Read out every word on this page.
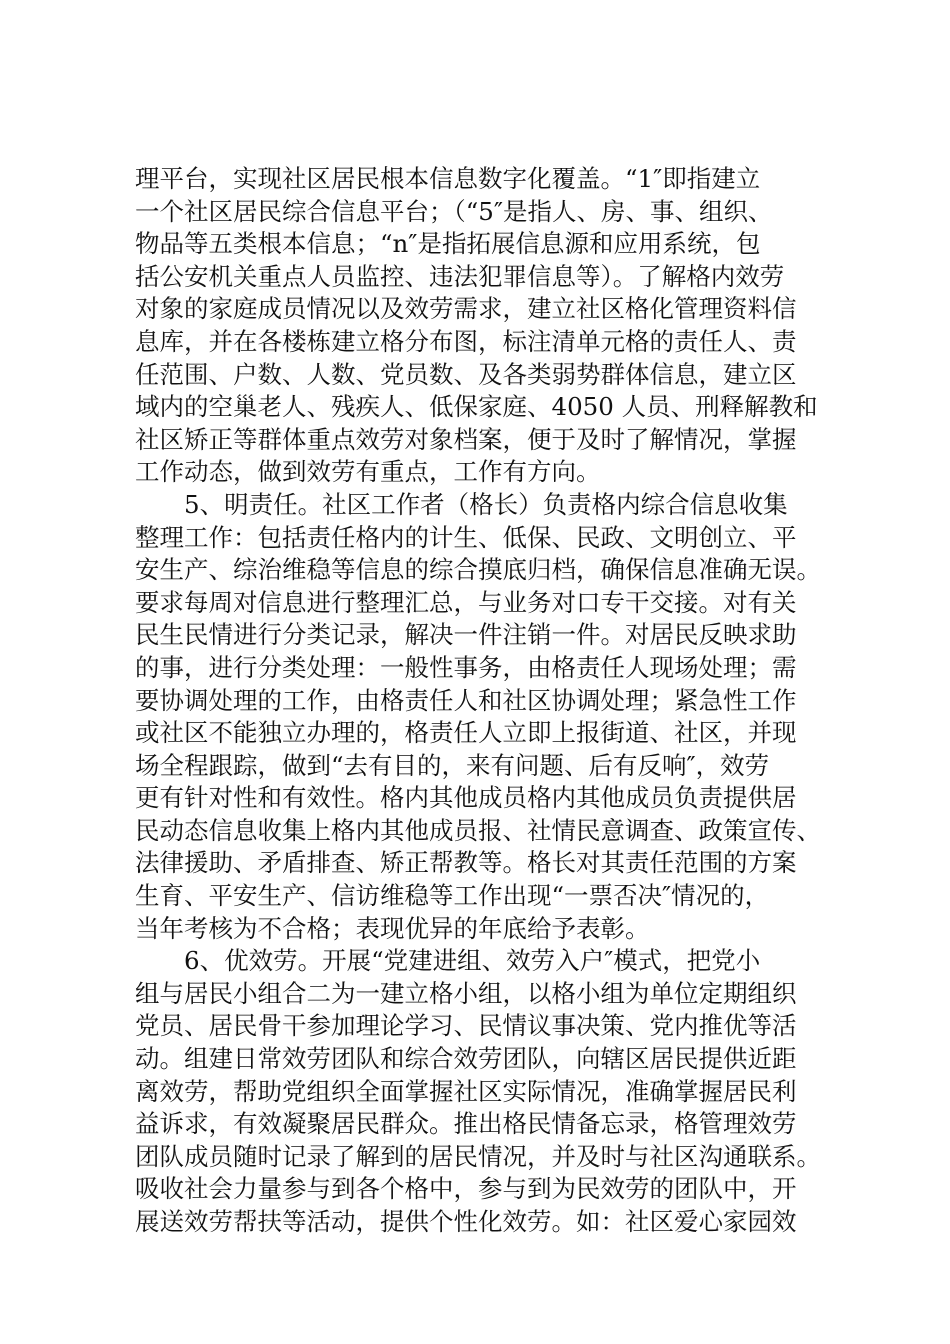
理平台，实现社区居民根本信息数字化覆盖。“1″即指建立
一个社区居民综合信息平台；（“5″是指人、房、事、组织、
物品等五类根本信息；“n″是指拓展信息源和应用系统，包
括公安机关重点人员监控、违法犯罪信息等）。了解格内效劳
对象的家庭成员情况以及效劳需求，建立社区格化管理资料信
息库，并在各楼栋建立格分布图，标注清单元格的责任人、责
任范围、户数、人数、党员数、及各类弱势群体信息，建立区
域内的空巢老人、残疾人、低保家庭、4050 人员、刑释解教和
社区矫正等群体重点效劳对象档案，便于及时了解情况，掌握
工作动态，做到效劳有重点，工作有方向。
5、明责任。社区工作者（格长）负责格内综合信息收集
整理工作：包括责任格内的计生、低保、民政、文明创立、平
安生产、综治维稳等信息的综合摸底归档，确保信息准确无误。
要求每周对信息进行整理汇总，与业务对口专干交接。对有关
民生民情进行分类记录，解决一件注销一件。对居民反映求助
的事，进行分类处理：一般性事务，由格责任人现场处理；需
要协调处理的工作，由格责任人和社区协调处理；紧急性工作
或社区不能独立办理的，格责任人立即上报街道、社区，并现
场全程跟踪，做到“去有目的，来有问题、后有反响″，效劳
更有针对性和有效性。格内其他成员格内其他成员负责提供居
民动态信息收集上格内其他成员报、社情民意调查、政策宣传、
法律援助、矛盾排查、矫正帮教等。格长对其责任范围的方案
生育、平安生产、信访维稳等工作出现“一票否决″情况的，
当年考核为不合格；表现优异的年底给予表彰。
6、优效劳。开展“党建进组、效劳入户″模式，把党小
组与居民小组合二为一建立格小组，以格小组为单位定期组织
党员、居民骨干参加理论学习、民情议事决策、党内推优等活
动。组建日常效劳团队和综合效劳团队，向辖区居民提供近距
离效劳，帮助党组织全面掌握社区实际情况，准确掌握居民利
益诉求，有效凝聚居民群众。推出格民情备忘录，格管理效劳
团队成员随时记录了解到的居民情况，并及时与社区沟通联系。
吸收社会力量参与到各个格中，参与到为民效劳的团队中，开
展送效劳帮扶等活动，提供个性化效劳。如：社区爱心家园效
